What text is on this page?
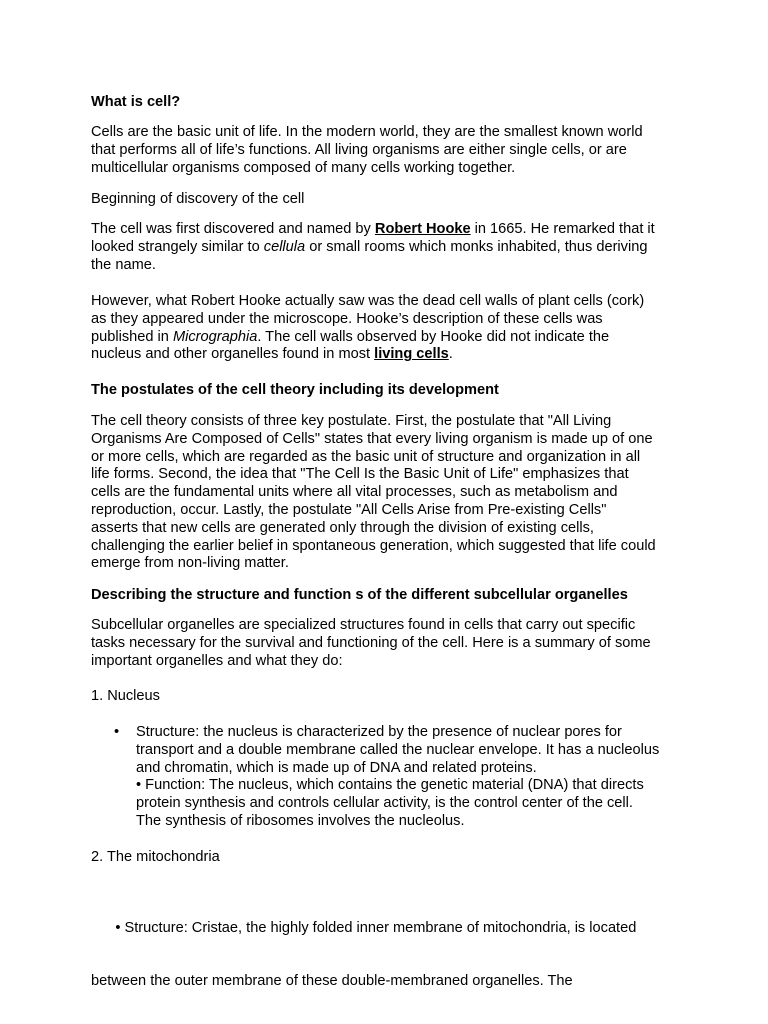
What is cell?

Cells are the basic unit of life. In the modern world, they are the smallest known world
that performs all of life’s functions. All living organisms are either single cells, or are
multicellular organisms composed of many cells working together.

Beginning of discovery of the cell

The cell was first discovered and named by Robert Hooke in 1665. He remarked that it
looked strangely similar to cellula or small rooms which monks inhabited, thus deriving
the name.

However, what Robert Hooke actually saw was the dead cell walls of plant cells (cork)
as they appeared under the microscope. Hooke’s description of these cells was
published in Micrographia. The cell walls observed by Hooke did not indicate the
nucleus and other organelles found in most living cells.

The postulates of the cell theory including its development

The cell theory consists of three key postulate. First, the postulate that "All Living
Organisms Are Composed of Cells" states that every living organism is made up of one
or more cells, which are regarded as the basic unit of structure and organization in all
life forms. Second, the idea that "The Cell Is the Basic Unit of Life" emphasizes that
cells are the fundamental units where all vital processes, such as metabolism and
reproduction, occur. Lastly, the postulate "All Cells Arise from Pre-existing Cells"
asserts that new cells are generated only through the division of existing cells,
challenging the earlier belief in spontaneous generation, which suggested that life could
emerge from non-living matter.

Describing the structure and function s of the different subcellular organelles

Subcellular organelles are specialized structures found in cells that carry out specific
tasks necessary for the survival and functioning of the cell. Here is a summary of some
important organelles and what they do:

1. Nucleus

• Structure: the nucleus is characterized by the presence of nuclear pores for
transport and a double membrane called the nuclear envelope. It has a nucleolus
and chromatin, which is made up of DNA and related proteins.
• Function: The nucleus, which contains the genetic material (DNA) that directs
protein synthesis and controls cellular activity, is the control center of the cell.
The synthesis of ribosomes involves the nucleolus.

2. The mitochondria

• Structure: Cristae, the highly folded inner membrane of mitochondria, is located

between the outer membrane of these double-membraned organelles. The
